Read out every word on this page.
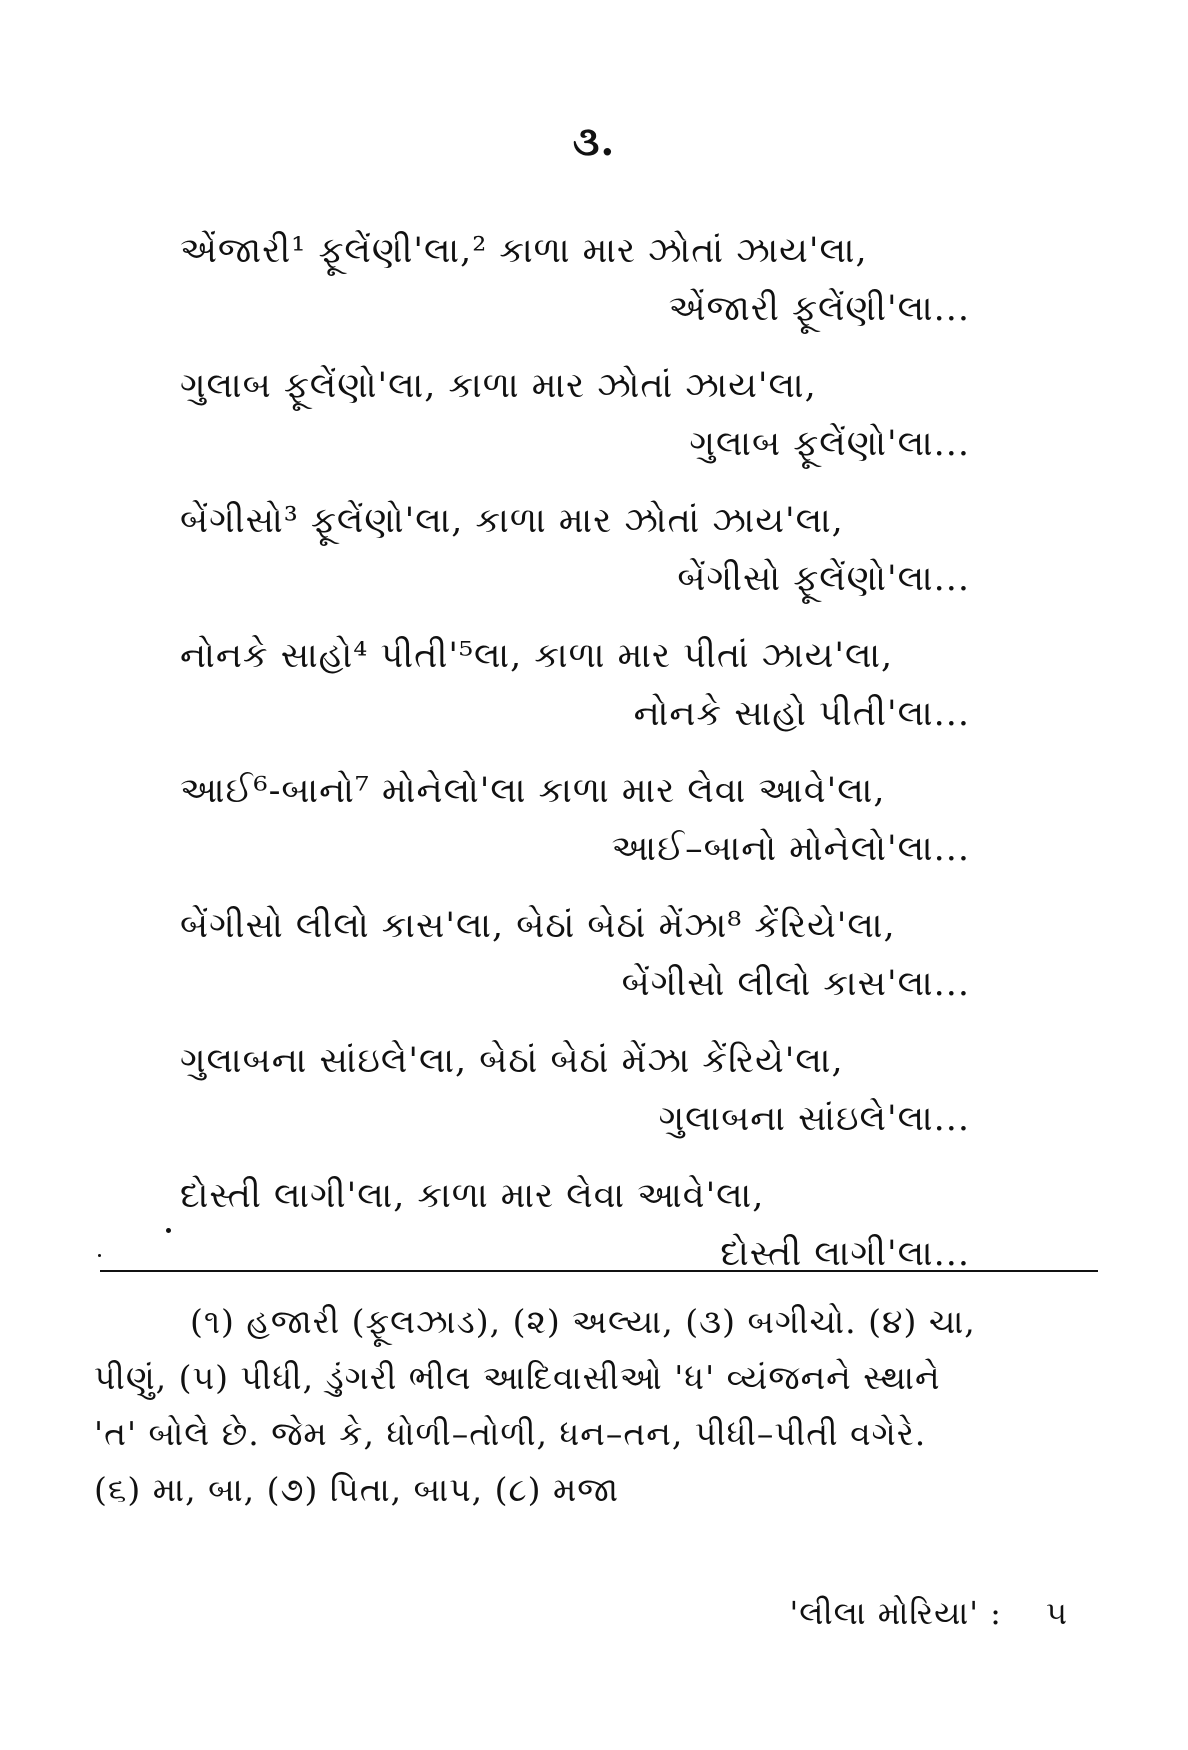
૩.
એંજારી¹ ફૂલેંણી'લા,² કાળા માર ઝોતાં ઝાય'લા,
એંજારી ફૂલેંણી'લા...
ગુલાબ ફૂલેંણો'લા, કાળા માર ઝોતાં ઝાય'લા,
ગુલાબ ફૂલેંણો'લા...
બેંગીસો³ ફૂલેંણો'લા, કાળા માર ઝોતાં ઝાય'લા,
બેંગીસો ફૂલેંણો'લા...
નોનકે સાહો⁴ પીતી'⁵લા, કાળા માર પીતાં ઝાય'લા,
નોનકે સાહો પીતી'લા...
આઈ⁶-બાનો⁷ મોનેલો'લા કાળા માર લેવા આવે'લા,
આઈ–બાનો મોનેલો'લા...
બેંગીસો લીલો કાસ'લા, બેઠાં બેઠાં મેંઝા⁸ કેંરિયે'લા,
બેંગીસો લીલો કાસ'લા...
ગુલાબના સાંઇલે'લા, બેઠાં બેઠાં મેંઝા કેંરિયે'લા,
ગુલાબના સાંઇલે'લા...
દોસ્તી લાગી'લા, કાળા માર લેવા આવે'લા,
દોસ્તી લાગી'લા...
(૧) હજારી (ફૂલઝાડ), (૨) અલ્યા, (૩) બગીચો. (૪) ચા,
પીણું, (૫) પીધી, ડુંગરી ભીલ આદિવાસીઓ 'ધ' વ્યંજનને સ્થાને
'ત' બોલે છે. જેમ કે, ધોળી–તોળી, ધન–તન, પીધી–પીતી વગેરે.
(૬) મા, બા, (૭) પિતા, બાપ, (૮) મજા
'લીલા મોરિયા' : ૫
